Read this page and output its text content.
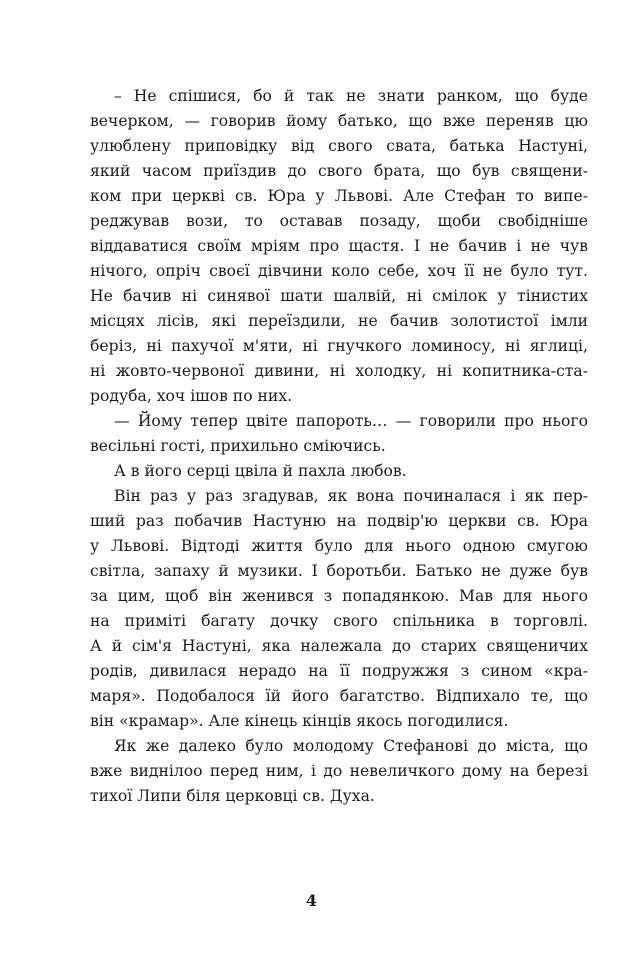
– Не спішися, бо й так не знати ранком, що буде
вечерком, — говорив йому батько, що вже переняв цю
улюблену приповідку від свого свата, батька Настуні,
який часом приїздив до свого брата, що був священи-
ком при церкві св. Юра у Львові. Але Стефан то випе-
реджував вози, то оставав позаду, щоби свобідніше
віддаватися своїм мріям про щастя. І не бачив і не чув
нічого, опріч своєї дівчини коло себе, хоч її не було тут.
Не бачив ні синявої шати шалвій, ні смілок у тінистих
місцях лісів, які переїздили, не бачив золотистої імли
беріз, ні пахучої м'яти, ні гнучкого ломиносу, ні яглиці,
ні жовто-червоної дивини, ні холодку, ні копитника-ста-
родуба, хоч ішов по них.
— Йому тепер цвіте папороть… — говорили про нього
весільні гості, прихильно сміючись.
А в його серці цвіла й пахла любов.
Він раз у раз згадував, як вона починалася і як пер-
ший раз побачив Настуню на подвір'ю церкви св. Юра
у Львові. Відтоді життя було для нього одною смугою
світла, запаху й музики. І боротьби. Батько не дуже був
за цим, щоб він женився з попадянкою. Мав для нього
на приміті багату дочку свого спільника в торговлі.
А й сім'я Настуні, яка належала до старих священичих
родів, дивилася нерадо на її подружжя з сином «кра-
маря». Подобалося їй його багатство. Відпихало те, що
він «крамар». Але кінець кінців якось погодилися.
Як же далеко було молодому Стефанові до міста, що
вже виднілоo перед ним, і до невеличкого дому на березі
тихої Липи біля церковці св. Духа.
4
